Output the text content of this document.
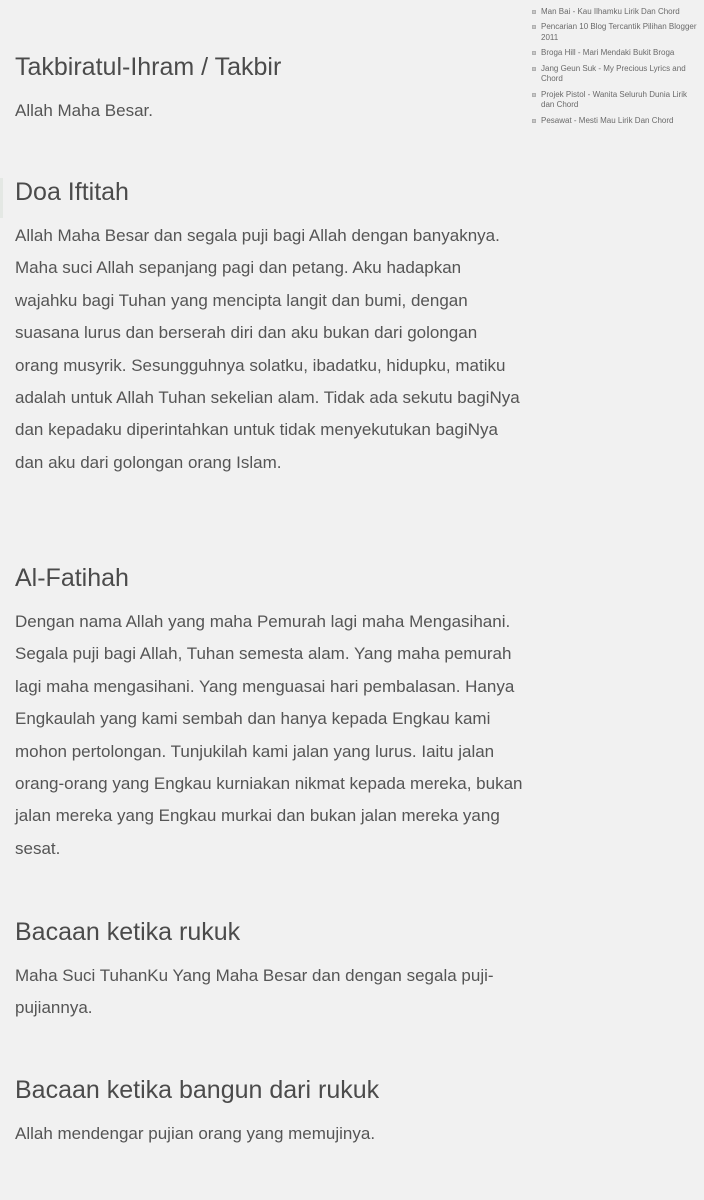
Man Bai - Kau Ilhamku Lirik Dan Chord
Pencarian 10 Blog Tercantik Pilihan Blogger 2011
Broga Hill - Mari Mendaki Bukit Broga
Jang Geun Suk - My Precious Lyrics and Chord
Projek Pistol - Wanita Seluruh Dunia Lirik dan Chord
Pesawat - Mesti Mau Lirik Dan Chord
Takbiratul-Ihram / Takbir

Allah Maha Besar.

Doa Iftitah

Allah Maha Besar dan segala puji bagi Allah dengan banyaknya. Maha suci Allah sepanjang pagi dan petang. Aku hadapkan wajahku bagi Tuhan yang mencipta langit dan bumi, dengan suasana lurus dan berserah diri dan aku bukan dari golongan orang musyrik. Sesungguhnya solatku, ibadatku, hidupku, matiku adalah untuk Allah Tuhan sekelian alam. Tidak ada sekutu bagiNya dan kepadaku diperintahkan untuk tidak menyekutukan bagiNya dan aku dari golongan orang Islam.

Al-Fatihah

Dengan nama Allah yang maha Pemurah lagi maha Mengasihani. Segala puji bagi Allah, Tuhan semesta alam. Yang maha pemurah lagi maha mengasihani. Yang menguasai hari pembalasan. Hanya Engkaulah yang kami sembah dan hanya kepada Engkau kami mohon pertolongan. Tunjukilah kami jalan yang lurus. Iaitu jalan orang-orang yang Engkau kurniakan nikmat kepada mereka, bukan jalan mereka yang Engkau murkai dan bukan jalan mereka yang sesat.

Bacaan ketika rukuk

Maha Suci TuhanKu Yang Maha Besar dan dengan segala puji-pujiannya.

Bacaan ketika bangun dari rukuk

Allah mendengar pujian orang yang memujinya.
